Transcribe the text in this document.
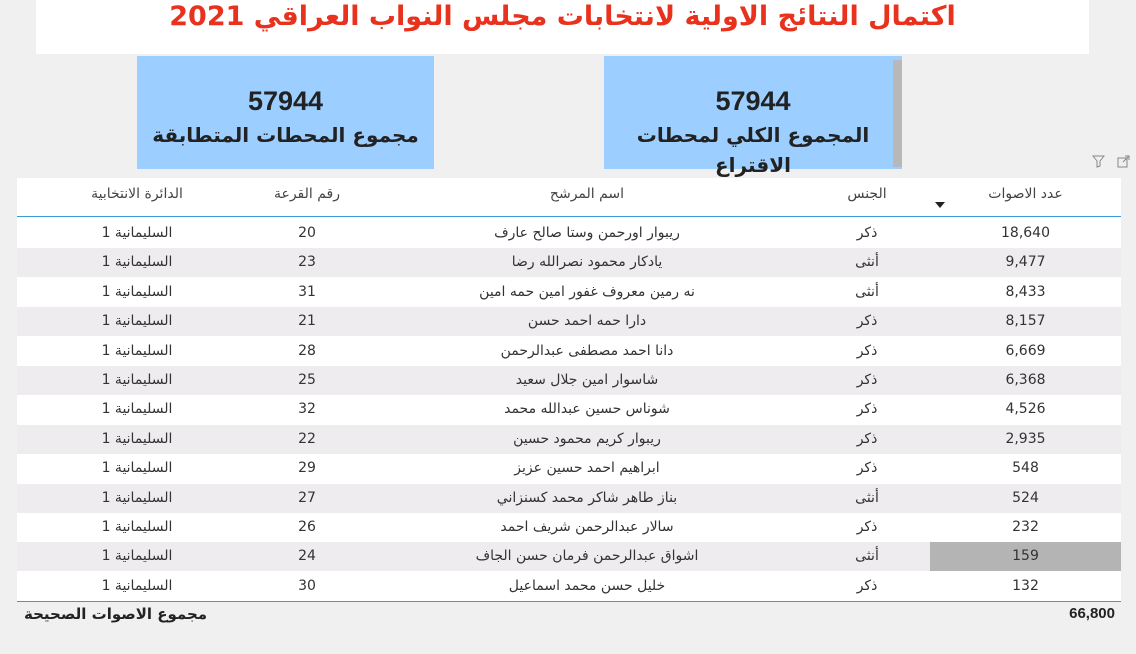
اكتمال النتائج الاولية لانتخابات مجلس النواب العراقي 2021
57944
مجموع المحطات المتطابقة
57944
المجموع الكلي لمحطات الاقتراع

الدائرة الانتخابية	رقم القرعة	اسم المرشح	الجنس	عدد الاصوات
السليمانية 1	20	ريبوار اورحمن وستا صالح عارف	ذكر	18,640
السليمانية 1	23	يادكار محمود نصرالله رضا	أنثى	9,477
السليمانية 1	31	نه رمين معروف غفور امين حمه امين	أنثى	8,433
السليمانية 1	21	دارا حمه احمد حسن	ذكر	8,157
السليمانية 1	28	دانا احمد مصطفى عبدالرحمن	ذكر	6,669
السليمانية 1	25	شاسوار امين جلال سعيد	ذكر	6,368
السليمانية 1	32	شوناس حسين عبدالله محمد	ذكر	4,526
السليمانية 1	22	ريبوار كريم محمود حسين	ذكر	2,935
السليمانية 1	29	ابراهيم احمد حسين عزيز	ذكر	548
السليمانية 1	27	بناز طاهر شاكر محمد كسنزاني	أنثى	524
السليمانية 1	26	سالار عبدالرحمن شريف احمد	ذكر	232
السليمانية 1	24	اشواق عبدالرحمن فرمان حسن الجاف	أنثى	159
السليمانية 1	30	خليل حسن محمد اسماعيل	ذكر	132
مجموع الاصوات الصحيحة	66,800
